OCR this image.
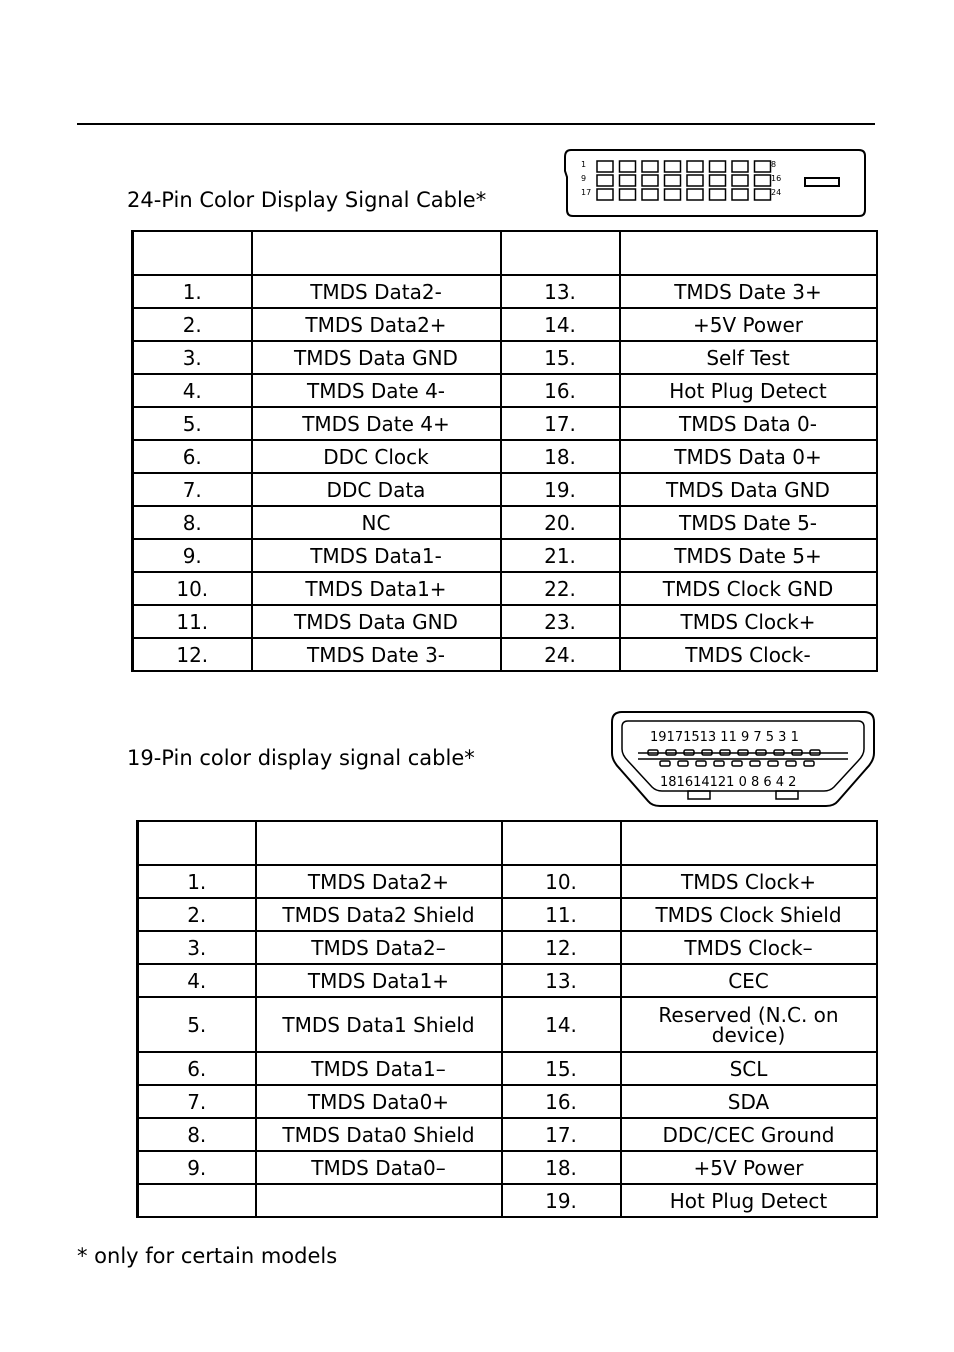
24-Pin Color Display Signal Cable*
1
9
17
8
16
24

1.	TMDS Data2-	13.	TMDS Date 3+
2.	TMDS Data2+	14.	+5V Power
3.	TMDS Data GND	15.	Self Test
4.	TMDS Date 4-	16.	Hot Plug Detect
5.	TMDS Date 4+	17.	TMDS Data 0-
6.	DDC Clock	18.	TMDS Data 0+
7.	DDC Data	19.	TMDS Data GND
8.	NC	20.	TMDS Date 5-
9.	TMDS Data1-	21.	TMDS Date 5+
10.	TMDS Data1+	22.	TMDS Clock GND
11.	TMDS Data GND	23.	TMDS Clock+
12.	TMDS Date 3-	24.	TMDS Clock-
19-Pin color display signal cable*
19171513 11 9 7 5 3 1
181614121 0 8 6 4 2

1.	TMDS Data2+	10.	TMDS Clock+
2.	TMDS Data2 Shield	11.	TMDS Clock Shield
3.	TMDS Data2–	12.	TMDS Clock–
4.	TMDS Data1+	13.	CEC
5.	TMDS Data1 Shield	14.	Reserved (N.C. on device)
6.	TMDS Data1–	15.	SCL
7.	TMDS Data0+	16.	SDA
8.	TMDS Data0 Shield	17.	DDC/CEC Ground
9.	TMDS Data0–	18.	+5V Power
		19.	Hot Plug Detect
* only for certain models
